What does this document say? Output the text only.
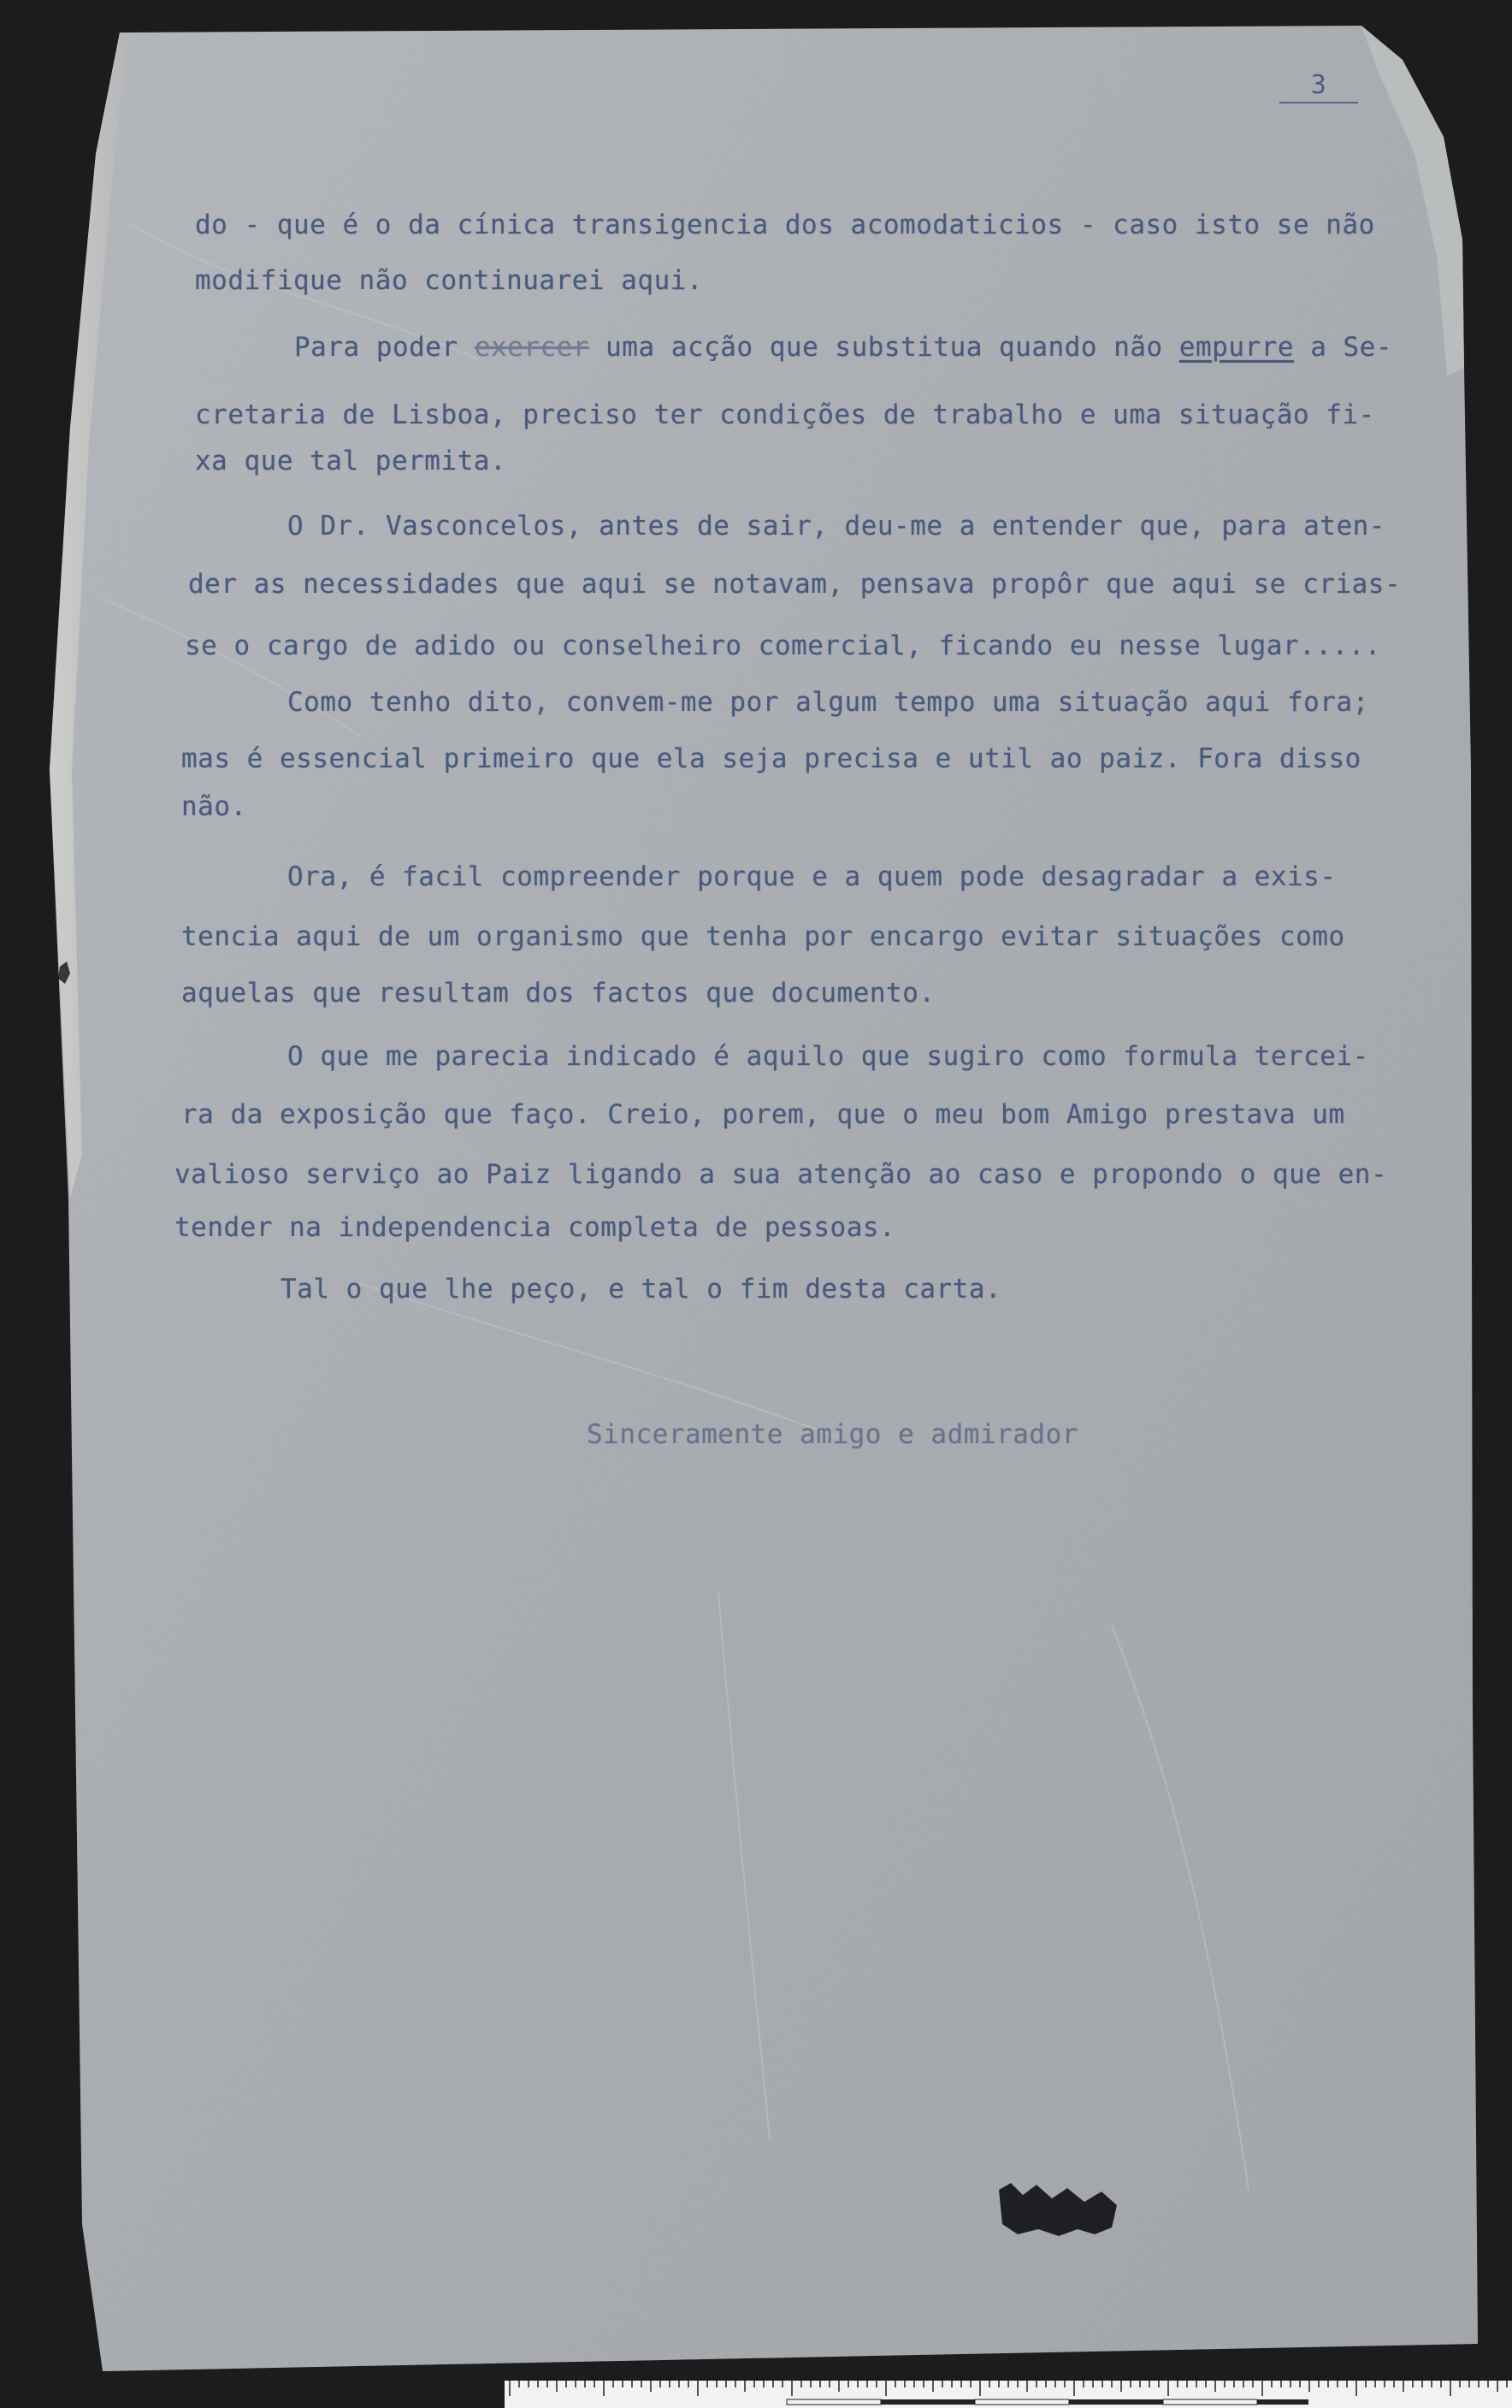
3
do - que é o da cínica transigencia dos acomodaticios - caso isto se não
modifique não continuarei aqui.
Para poder exercer uma acção que substitua quando não empurre a Se-
cretaria de Lisboa, preciso ter condições de trabalho e uma situação fi-
xa que tal permita.
O Dr. Vasconcelos, antes de sair, deu-me a entender que, para aten-
der as necessidades que aqui se notavam, pensava propôr que aqui se crias-
se o cargo de adido ou conselheiro comercial, ficando eu nesse lugar.....
Como tenho dito, convem-me por algum tempo uma situação aqui fora;
mas é essencial primeiro que ela seja precisa e util ao paiz. Fora disso
não.
Ora, é facil compreender porque e a quem pode desagradar a exis-
tencia aqui de um organismo que tenha por encargo evitar situações como
aquelas que resultam dos factos que documento.
O que me parecia indicado é aquilo que sugiro como formula tercei-
ra da exposição que faço. Creio, porem, que o meu bom Amigo prestava um
valioso serviço ao Paiz ligando a sua atenção ao caso e propondo o que en-
tender na independencia completa de pessoas.
Tal o que lhe peço, e tal o fim desta carta.
Sinceramente amigo e admirador
